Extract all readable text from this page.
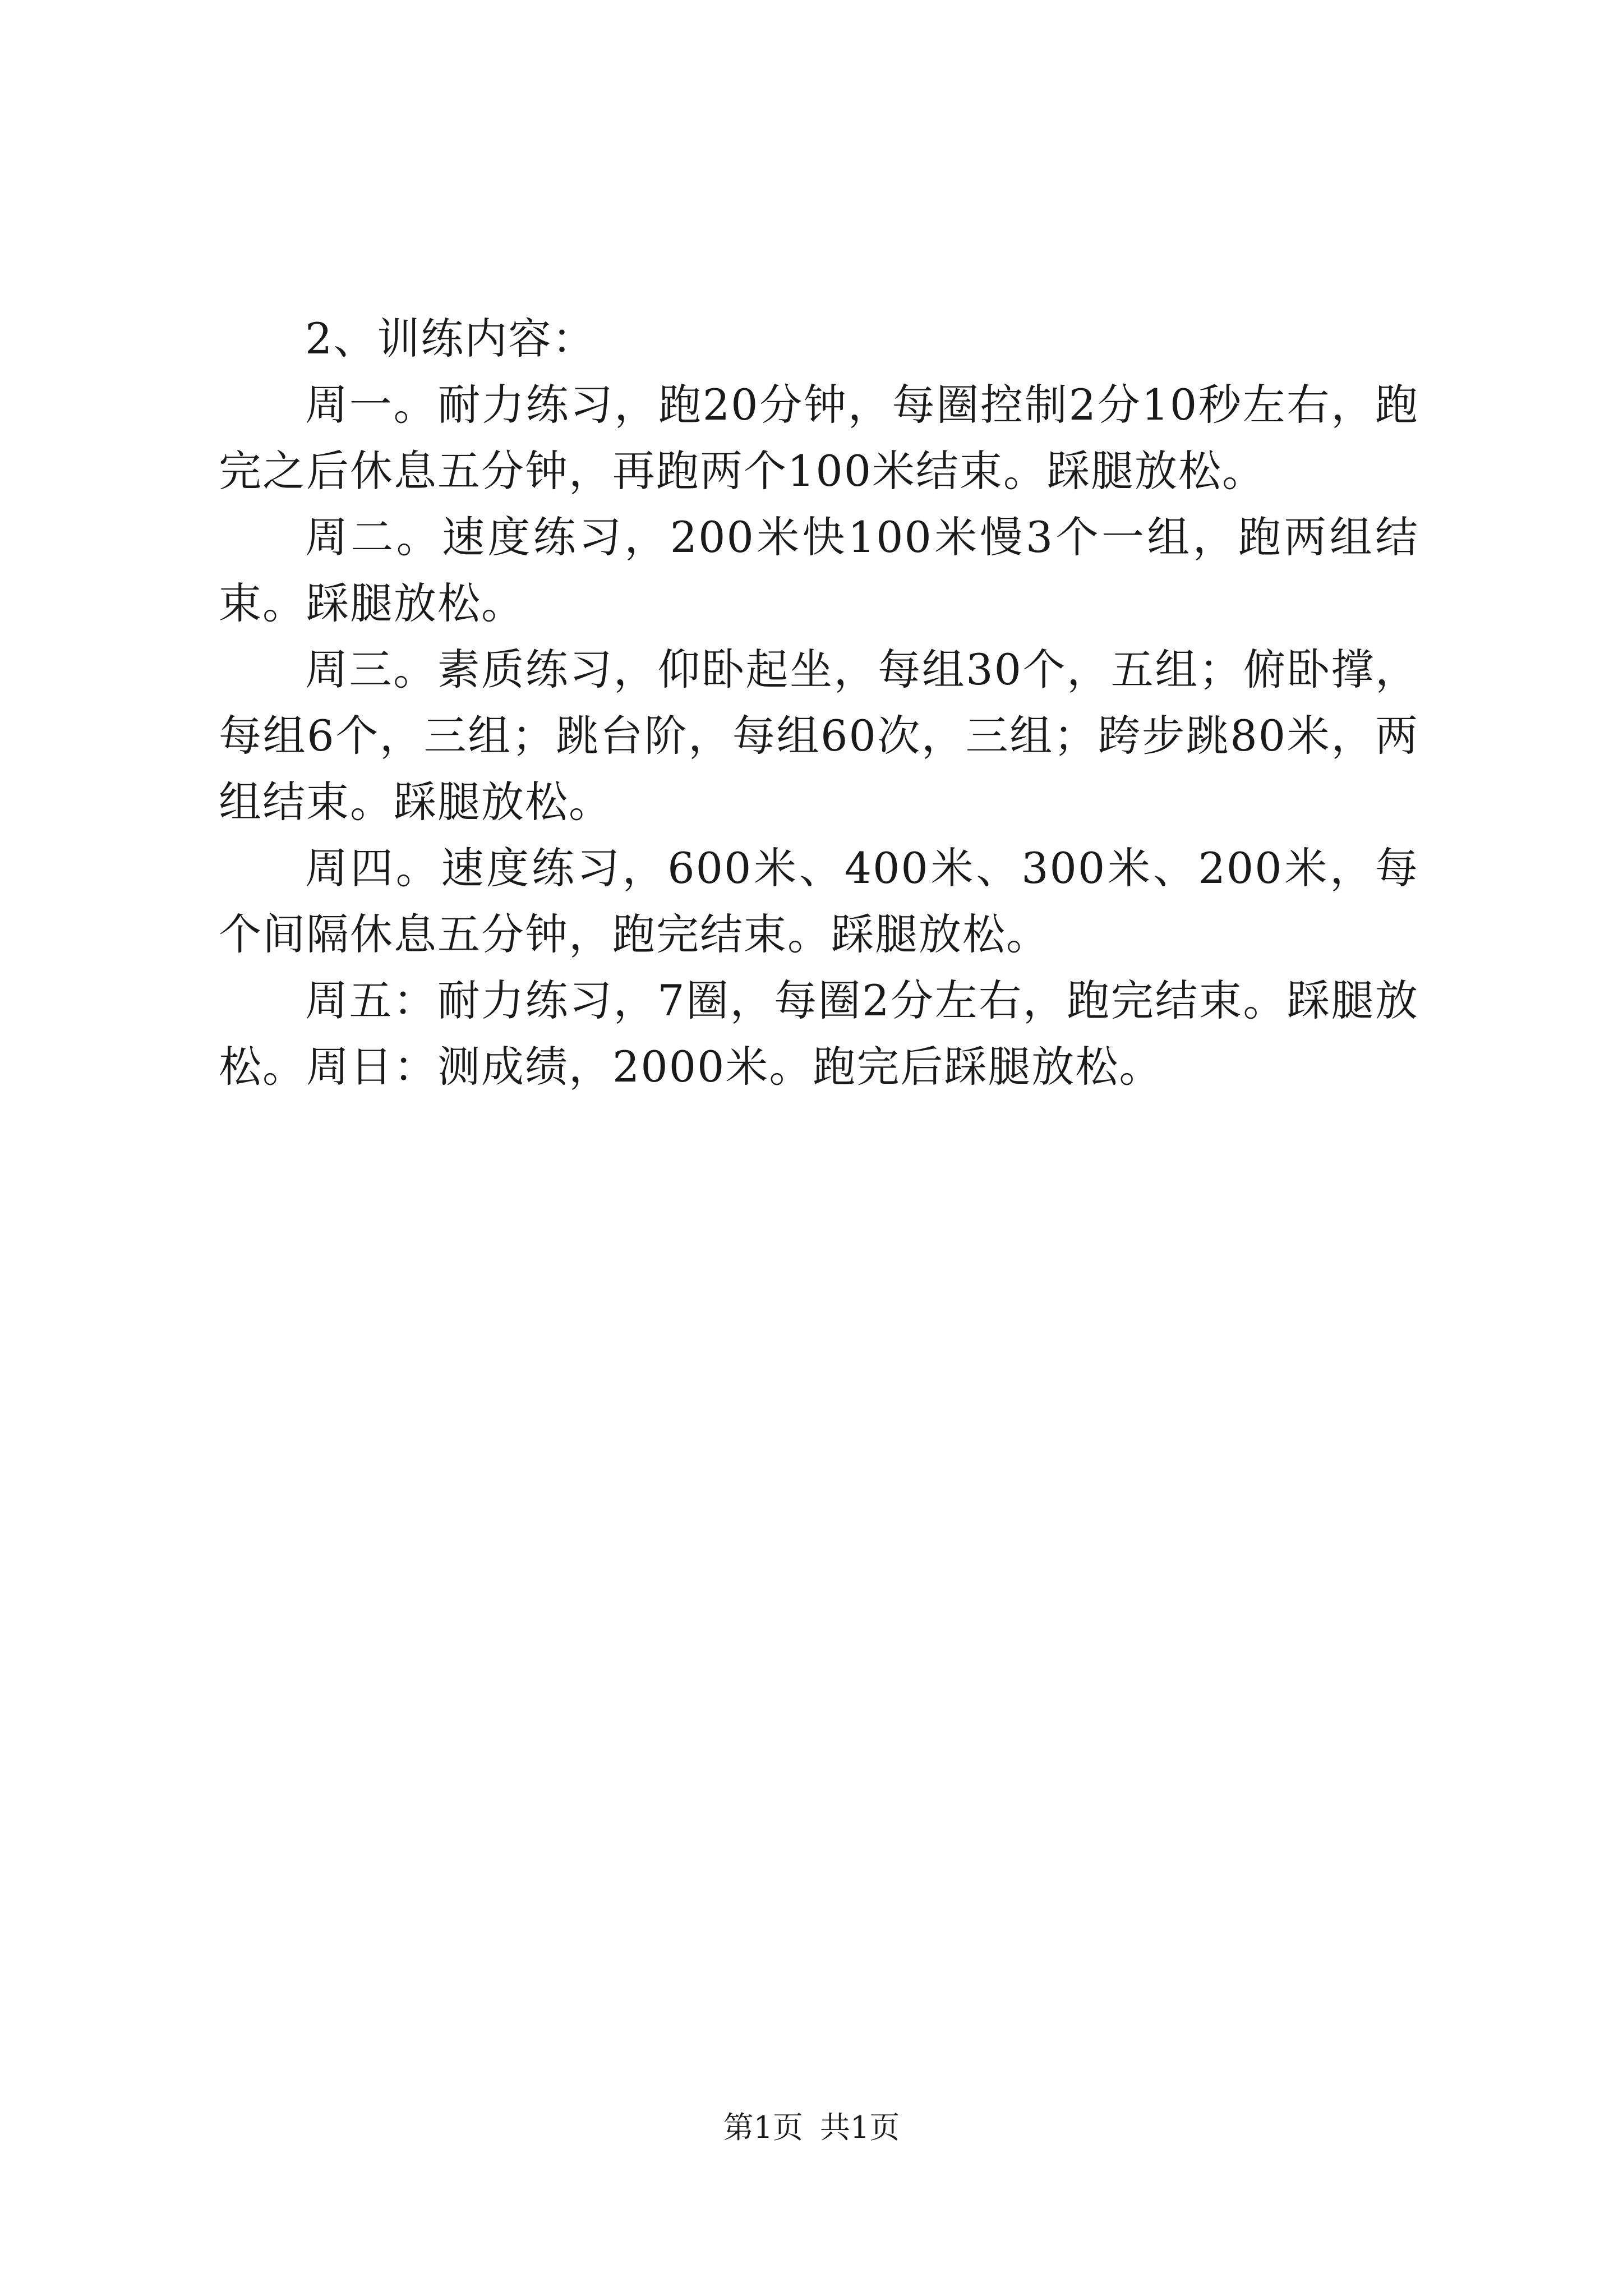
2、训练内容：

周一。耐力练习，跑20分钟，每圈控制2分10秒左右，跑完之后休息五分钟，再跑两个100米结束。踩腿放松。

周二。速度练习，200米快100米慢3个一组，跑两组结束。踩腿放松。

周三。素质练习，仰卧起坐，每组30个，五组；俯卧撑，每组6个，三组；跳台阶，每组60次，三组；跨步跳80米，两组结束。踩腿放松。

周四。速度练习，600米、400米、300米、200米，每个间隔休息五分钟，跑完结束。踩腿放松。

周五：耐力练习，7圈，每圈2分左右，跑完结束。踩腿放松。周日：测成绩，2000米。跑完后踩腿放松。

第1页 共1页
